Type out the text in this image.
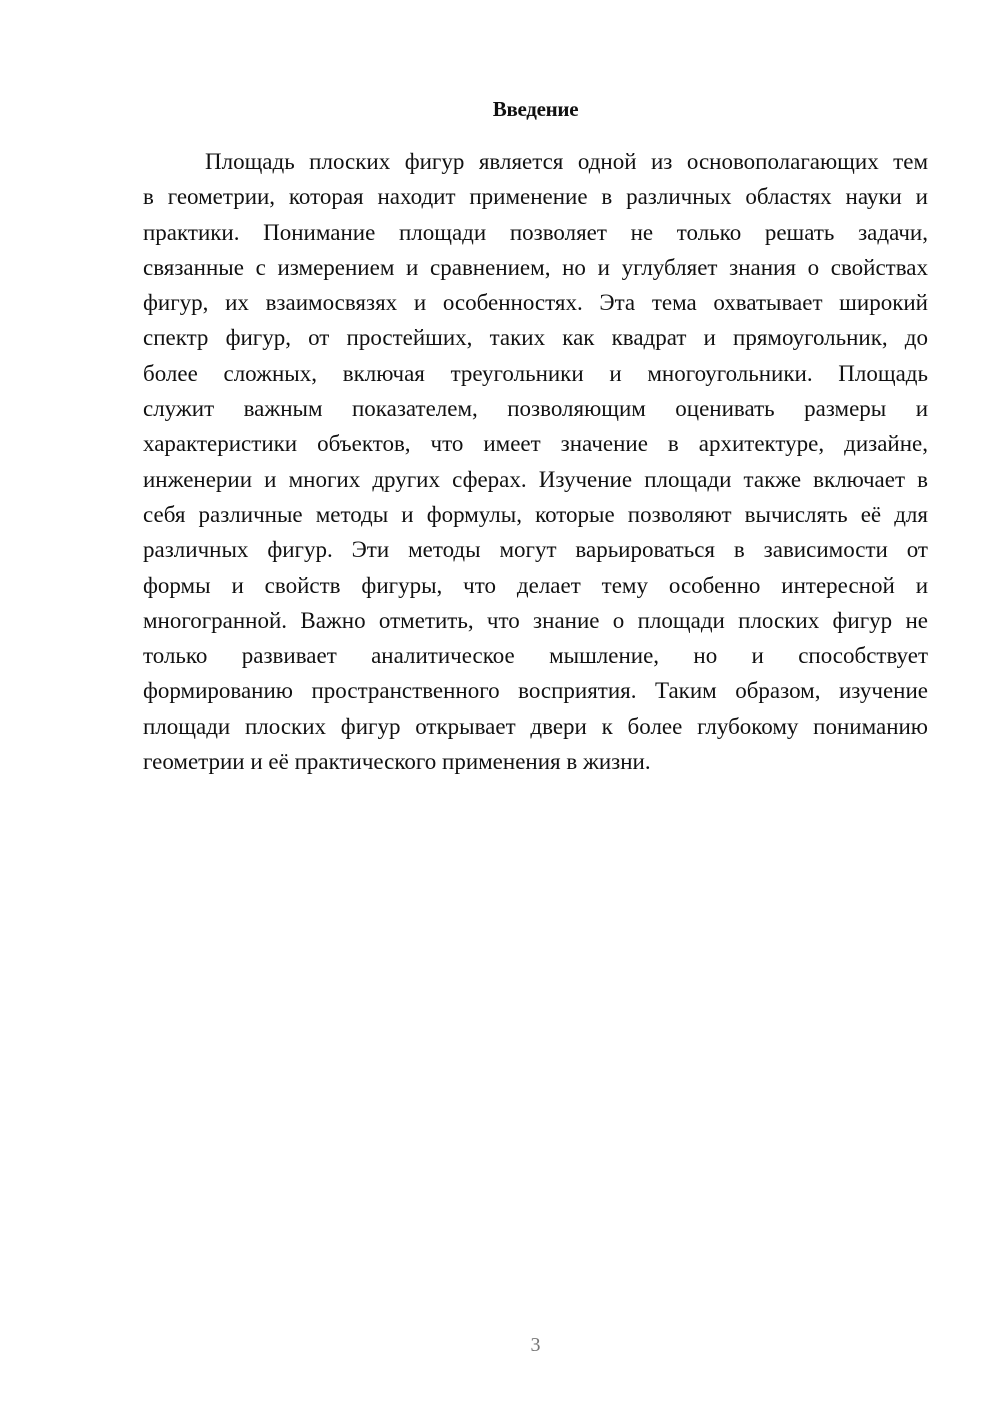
Введение
Площадь плоских фигур является одной из основополагающих тем
в геометрии, которая находит применение в различных областях науки и
практики. Понимание площади позволяет не только решать задачи,
связанные с измерением и сравнением, но и углубляет знания о свойствах
фигур, их взаимосвязях и особенностях. Эта тема охватывает широкий
спектр фигур, от простейших, таких как квадрат и прямоугольник, до
более сложных, включая треугольники и многоугольники. Площадь
служит важным показателем, позволяющим оценивать размеры и
характеристики объектов, что имеет значение в архитектуре, дизайне,
инженерии и многих других сферах. Изучение площади также включает в
себя различные методы и формулы, которые позволяют вычислять её для
различных фигур. Эти методы могут варьироваться в зависимости от
формы и свойств фигуры, что делает тему особенно интересной и
многогранной. Важно отметить, что знание о площади плоских фигур не
только развивает аналитическое мышление, но и способствует
формированию пространственного восприятия. Таким образом, изучение
площади плоских фигур открывает двери к более глубокому пониманию
геометрии и её практического применения в жизни.
3
